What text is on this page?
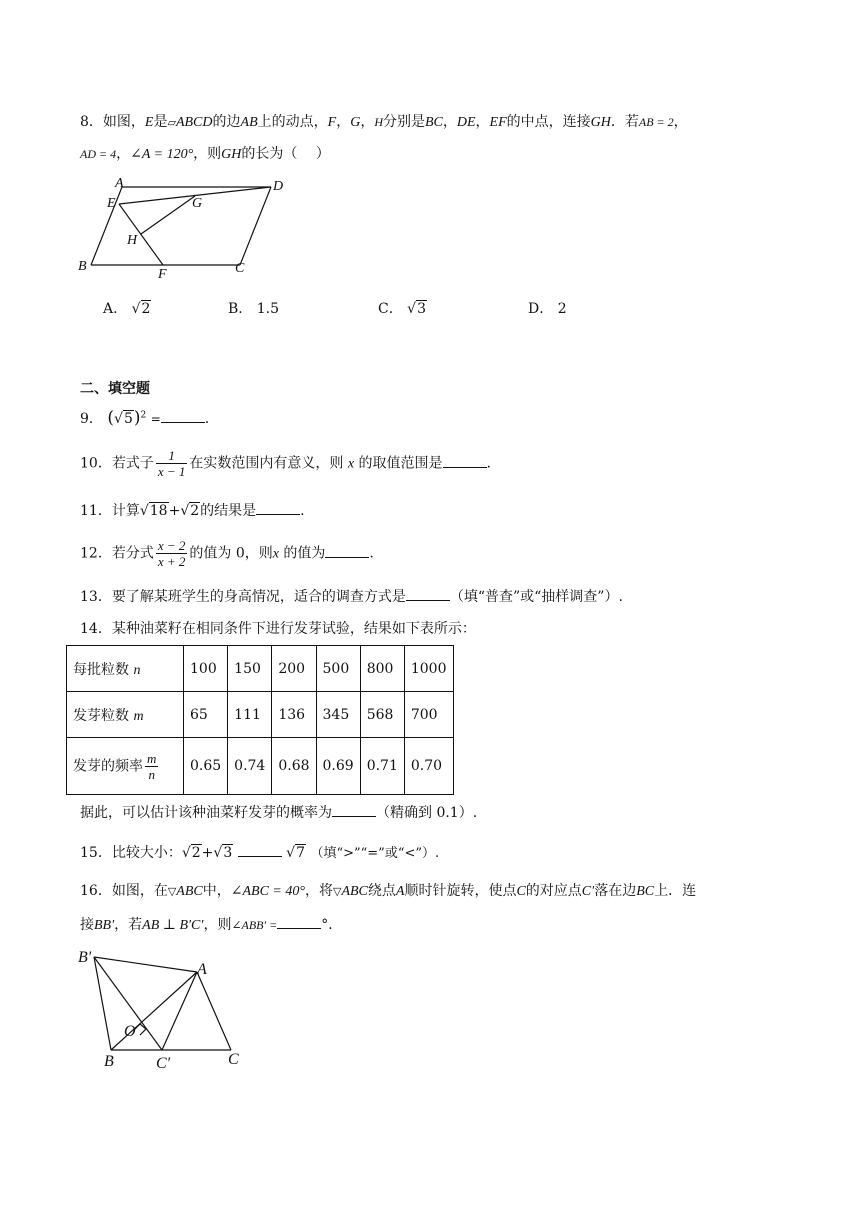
8．如图，E是▱ABCD的边AB上的动点，F，G，H分别是BC，DE，EF的中点，连接GH．若AB = 2，
AD = 4，∠A = 120°，则GH的长为（　 ）
A
E	G
D
H
B
F	C
A． √2	B． 1.5	C． √3	D． 2
二、填空题
9． $(√5)^2$ =	.
10．若式子 $\frac{1}{x - 1}$ 在实数范围内有意义，则 x 的取值范围是	.
11．计算√18+√2的结果是	.
12．若分式 $\frac{x - 2}{x + 2}$ 的值为 0，则x 的值为	.
13．要了解某班学生的身高情况，适合的调查方式是	（填“普查”或“抽样调查”）.
14．某种油菜籽在相同条件下进行发芽试验，结果如下表所示：
每批粒数 n	100	150	200	500	800	1000
发芽粒数 m	65	111	136	345	568	700
发芽的频率 $\frac{m}{n}$	0.65	0.74	0.68	0.69	0.71	0.70
据此，可以估计该种油菜籽发芽的概率为	（精确到 0.1）.
15．比较大小：√2+√3	√7 （填“>”“=”或“<”）.
16．如图，在▽ABC中，∠ABC = 40°，将▽ABC绕点A顺时针旋转，使点C的对应点C′落在边BC上．连
接BB′，若AB ⊥ B′C′，则∠ABB′ =	°．
B′
A
O
B	C′	C
